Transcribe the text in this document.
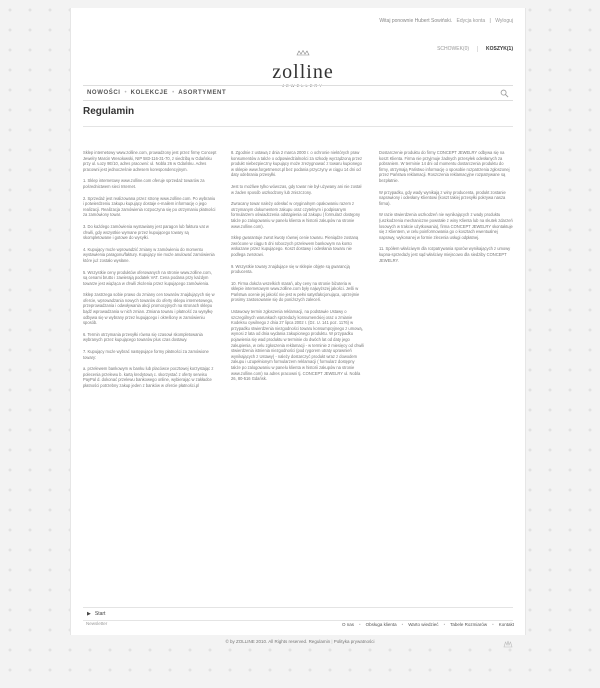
Witaj ponownie Hubert Sowiński. Edycja konta | Wyloguj
zolline
JEWELLERY
SCHOWEK(0)	KOSZYK(1)
NOWOŚCI • KOLEKCJE • ASORTYMENT
Regulamin

Sklep internetowy www.zolline.com, prowadzony jest przez firmę Concept Jewelry Marcin Wesołowski, NIP 583-116-31-70, z siedzibą w Gdańsku przy ul. Łozy 9E/10, adres pracowni: ul. Nobla 26 w Gdańsku. Adres pracowni jest jednocześnie adresem korespondencyjnym.

1. Sklep internetowy www.zolline.com oferuje sprzedaż towarów za pośrednictwem sieci Internet.

2. Sprzedaż jest realizowana przez stronę www.zolline.com. Po wybraniu i potwierdzeniu zakupu kupujący dostaje e-mailem informację o jego realizacji. Realizacja zamówienia rozpoczyna się po otrzymaniu płatności za zamówiony towar.

3. Do każdego zamówienia wystawiany jest paragon lub faktura vat w chwili, gdy wszystkie wymane przez kupującego towary są skompletowane i gotowe do wysyłki.

4. Kupujący może wprowadzić zmiany w zamówieniu do momentu wystawienia paragonu/faktury. Kupujący nie może anulować zamówienia które już zostało wysłane.

5. Wszystkie ceny produktów oferowanych na stronie www.zolline.com, są cenami brutto i zawierają podatek VAT. Cena podana przy każdym towarze jest wiążąca w chwili złożenia przez kupującego zamówienia.

Sklep zastrzega sobie prawo do zmiany cen towarów znajdujących się w ofercie, wprowadzania nowych towarów do oferty sklepu internetowego, przeprowadzania i odwoływania akcji promocyjnych na stronach sklepu bądź wprowadzania w nich zmian. Zmiana towaru i płatność za wysyłkę odbywa się w wybrany przez kupującego i określony w zamówieniu sposób.

6. Termin otrzymania przesyłki równa się czasowi skompletowania wybranych przez kupującego towarów plus czas dostawy.

7. Kupujący może wybrać następujące formy płatności za zamówione towary:

a. przelewem bankowym w banku lub placówce pocztowej korzystając z polecenia przelewu b. kartą kredytową c. skorzystać z oferty serwisu PayPal d. dokonać przelewu bankowego online, wybierając w zakładce płatności potrzebny zakup jeden z banków w ofercie płatności.pl

8. Zgodnie z ustawą z dnia 2 marca 2000 r. o ochronie niektórych praw konsumentów a także o odpowiedzialności za szkodę wyrządzoną przez produkt niebezpieczny kupujący może zrezygnować z towaru kupionego w sklepie www.forgetmenot.pl bez podania przyczyny w ciągu 14 dni od daty odebrania przesyłki.

Jest to możliwe tylko wówczas, gdy towar nie był używany ani nie został w żaden sposób uszkodzony lub zniszczony.

Zwracany towar należy odesłać w oryginalnym opakowaniu razem z otrzymanym dokumentem zakupu oraz czytelnym i podpisanym formularzem oświadczenia odstąpienia od zakupu ( formularz dostępny także po zalogowaniu w panelu klienta w historii zakupów na stronie www.zolline.com).

Sklep gwarantuje zwrot kwoty równej cenie towaru. Pieniądze zostaną zwrócone w ciągu 5 dni roboczych przelewem bankowym na konto wskazane przez kupującego. Koszt dostawy i odesłania towaru nie podlega zwrotowi.

9. Wszystkie towary znajdujące się w sklepie objęte są gwarancją producenta.

10. Firma dołoża wszelkich starań, aby ceny na stronie biżuteria w sklepie internetowym www.zolline.com były najwyższej jakości. Jeśli w Państwa ocenie jej jakość nie jest w pełni satysfakcjonująca, uprzejmie prosimy zastosowanie się do poniższych zaleceń.

Ustawowy termin zgłoszenia reklamacji, na podstawie Ustawy o szczególnych warunkach sprzedaży konsumenckiej oraz o zmianie Kodeksu cywilnego z dnia 27 lipca 2002 r. (Dz. U. 141 poz. 1176) w przypadku stwierdzenia niezgodności towaru konsumpcyjnego z umową, wynosi 2 lata od dnia wydania zakupionego produktu. W przypadku pojawienia się wad produktu w terminie do dwóch lat od daty jego zakupienia, w celu zgłoszenia reklamacji - w terminie 2 miesięcy od chwili stwierdzenia istnienia niezgodności (pod rygorem utraty uprawnień wynikających z Ustawy) - należy dostarczyć produkt wraz z dowodem zakupu i uzupełnionym formularzem reklamacji ( formularz dostępny także po zalogowaniu w panelu klienta w historii zakupów na stronie www.zolline.com) na adres pracowni tj. CONCEPT JEWELRY ul. Nobla 26, 80-516 Gdańsk.

Dostarczenie produktu do firmy CONCEPT JEWELRY odbywa się na koszt Klienta. Firma nie przyjmuje żadnych przesyłek odesłanych za pobraniem. W terminie 14 dni od momentu dostarczenia produktu do firmy, otrzymają Państwo informację o sposobie rozpatrzenia zgłoszonej przez Państwa reklamacji. Roszczenia reklamacyjne rozpatrywane są bezpłatnie.

W przypadku, gdy wady wynikają z winy producenta, produkt zostanie naprawiony i odesłany Klientowi (koszt takiej przesyłki pokrywa nasza firma).

W razie stwierdzenia uszkodzeń nie wynikających z wady produktu (uszkodzenia mechaniczne powstałe z winy Klienta lub na skutek zdarzeń losowych w trakcie użytkowania), firma CONCEPT JEWELRY skontaktuje się z Klientem, w celu poinformowania go o kosztach ewentualnej naprawy, wykonanej w formie zlecenia usługi odpłatnej.

11. Spółem właściwym dla rozpatrywania sporów wynikających z umowy kupna-sprzedaży jest sąd właściwy miejscowo dla siedziby CONCEPT JEWELRY.

▶ Start
Newsletter	O nas • Obsługa klienta • Warto wiedzieć • Tabele Rozmiarów • Kontakt
© by ZOLLINE 2010. All Rights reserved. Regulamin | Polityka prywatności
